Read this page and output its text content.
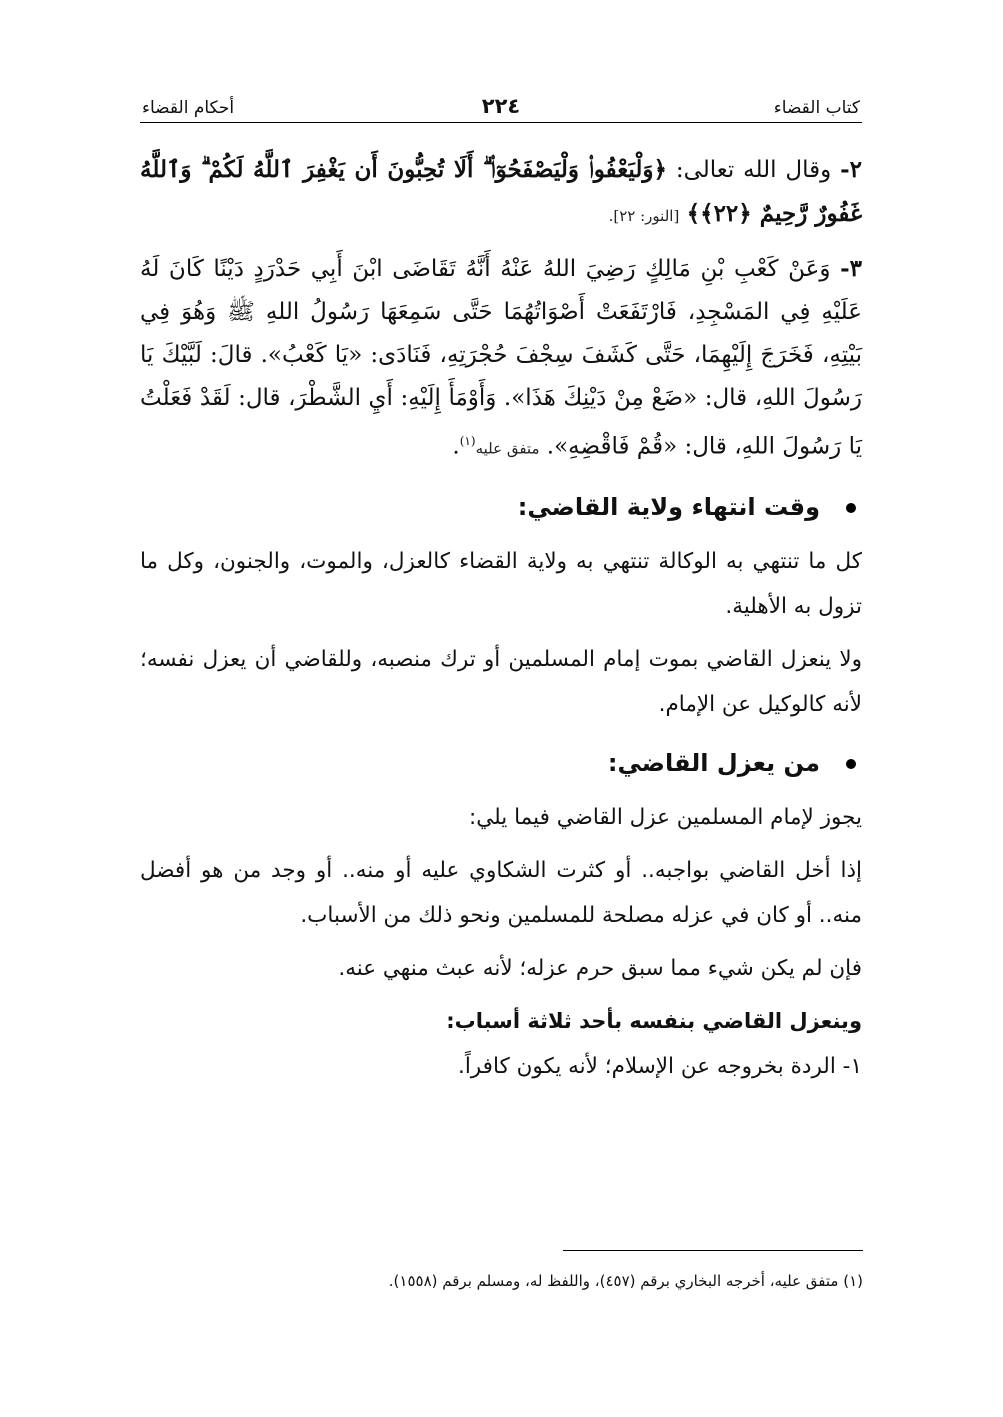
كتاب القضاء
٢٢٤
أحكام القضاء

٢- وقال الله تعالى: ﴿وَلْيَعْفُوا۟ وَلْيَصْفَحُوٓا۟ ۗ أَلَا تُحِبُّونَ أَن يَغْفِرَ ٱللَّهُ لَكُمْ ۗ وَٱللَّهُ غَفُورٌ رَّحِيمٌ ﴿٢٢﴾﴾ [النور: ٢٢].

٣- وَعَنْ كَعْبِ بْنِ مَالِكٍ رَضِيَ اللهُ عَنْهُ أَنَّهُ تَقَاضَى ابْنَ أَبِي حَدْرَدٍ دَيْنًا كَانَ لَهُ عَلَيْهِ فِي المَسْجِدِ، فَارْتَفَعَتْ أَصْوَاتُهُمَا حَتَّى سَمِعَهَا رَسُولُ اللهِ ﷺ وَهُوَ فِي بَيْتِهِ، فَخَرَجَ إِلَيْهِمَا، حَتَّى كَشَفَ سِجْفَ حُجْرَتِهِ، فَنَادَى: «يَا كَعْبُ». قالَ: لَبَّيْكَ يَا رَسُولَ اللهِ، قال: «ضَعْ مِنْ دَيْنِكَ هَذَا». وَأَوْمَأَ إِلَيْهِ: أَيِ الشَّطْرَ، قال: لَقَدْ فَعَلْتُ يَا رَسُولَ اللهِ، قال: «قُمْ فَاقْضِهِ». متفق عليه$^{(١)}$.

وقت انتهاء ولاية القاضي:

كل ما تنتهي به الوكالة تنتهي به ولاية القضاء كالعزل، والموت، والجنون، وكل ما تزول به الأهلية.

ولا ينعزل القاضي بموت إمام المسلمين أو ترك منصبه، وللقاضي أن يعزل نفسه؛ لأنه كالوكيل عن الإمام.

من يعزل القاضي:

يجوز لإمام المسلمين عزل القاضي فيما يلي:

إذا أخل القاضي بواجبه.. أو كثرت الشكاوي عليه أو منه.. أو وجد من هو أفضل منه.. أو كان في عزله مصلحة للمسلمين ونحو ذلك من الأسباب.

فإن لم يكن شيء مما سبق حرم عزله؛ لأنه عبث منهي عنه.

وينعزل القاضي بنفسه بأحد ثلاثة أسباب:

١- الردة بخروجه عن الإسلام؛ لأنه يكون كافراً.

(١) متفق عليه، أخرجه البخاري برقم (٤٥٧)، واللفظ له، ومسلم برقم (١٥٥٨).
